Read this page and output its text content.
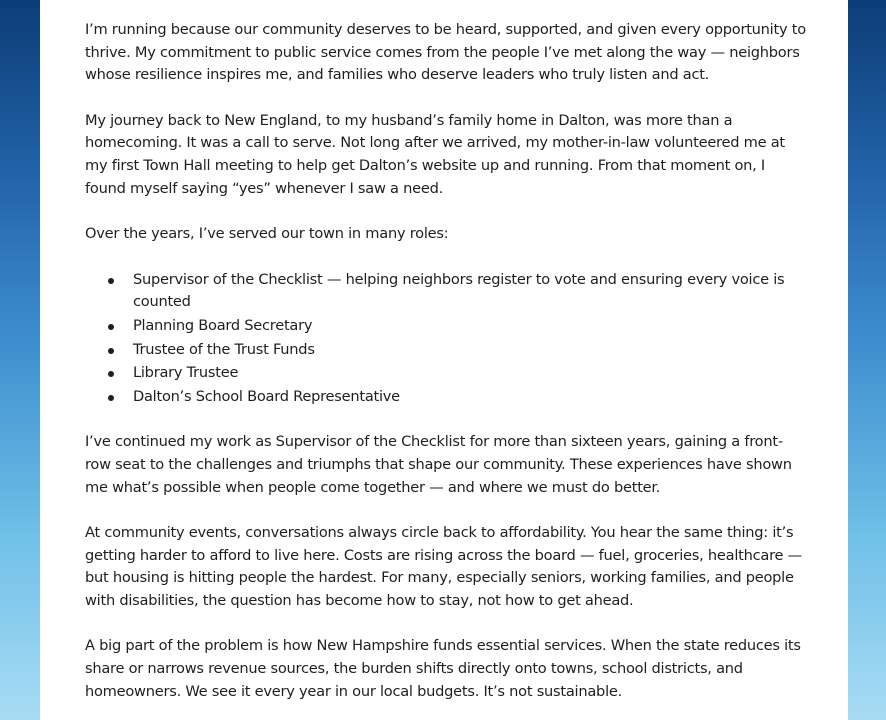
I’m running because our community deserves to be heard, supported, and given every opportunity to thrive. My commitment to public service comes from the people I’ve met along the way — neighbors whose resilience inspires me, and families who deserve leaders who truly listen and act.

My journey back to New England, to my husband’s family home in Dalton, was more than a homecoming. It was a call to serve. Not long after we arrived, my mother-in-law volunteered me at my first Town Hall meeting to help get Dalton’s website up and running. From that moment on, I found myself saying “yes” whenever I saw a need.

Over the years, I’ve served our town in many roles:

Supervisor of the Checklist — helping neighbors register to vote and ensuring every voice is counted
Planning Board Secretary
Trustee of the Trust Funds
Library Trustee
Dalton’s School Board Representative

I’ve continued my work as Supervisor of the Checklist for more than sixteen years, gaining a front-row seat to the challenges and triumphs that shape our community. These experiences have shown me what’s possible when people come together — and where we must do better.

At community events, conversations always circle back to affordability. You hear the same thing: it’s getting harder to afford to live here. Costs are rising across the board — fuel, groceries, healthcare — but housing is hitting people the hardest. For many, especially seniors, working families, and people with disabilities, the question has become how to stay, not how to get ahead.

A big part of the problem is how New Hampshire funds essential services. When the state reduces its share or narrows revenue sources, the burden shifts directly onto towns, school districts, and homeowners. We see it every year in our local budgets. It’s not sustainable.
